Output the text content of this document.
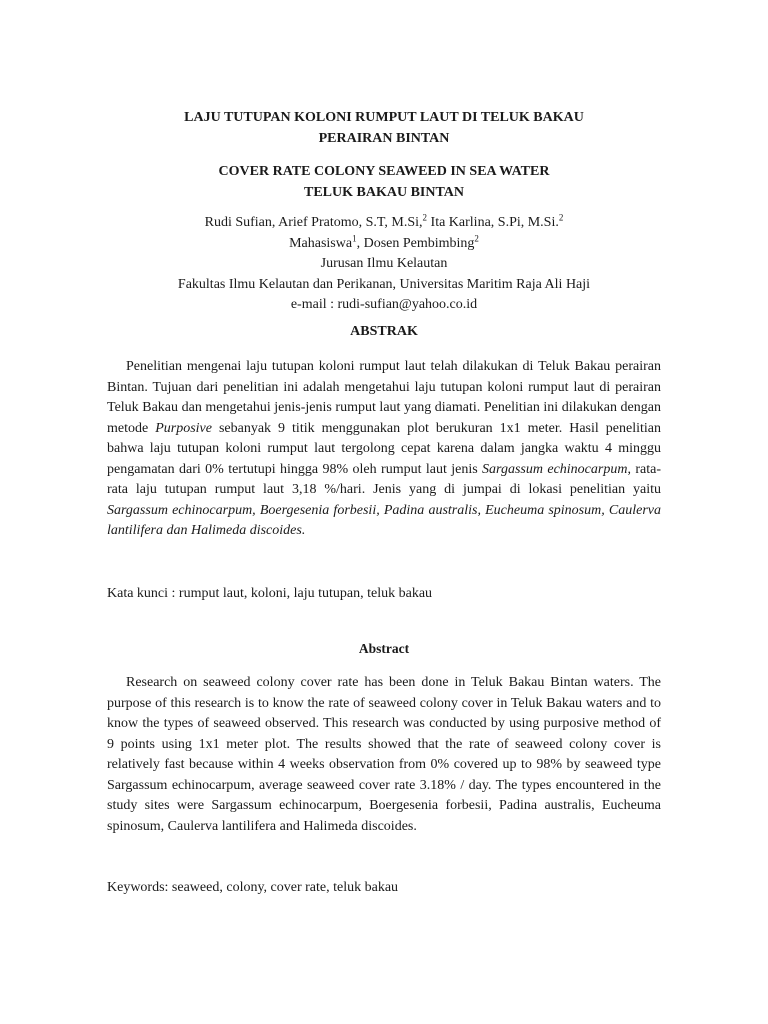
LAJU TUTUPAN KOLONI RUMPUT LAUT DI TELUK BAKAU
PERAIRAN BINTAN
COVER RATE COLONY SEAWEED IN SEA WATER
TELUK BAKAU BINTAN
Rudi Sufian, Arief Pratomo, S.T, M.Si,$^2$ Ita Karlina, S.Pi, M.Si.$^2$
Mahasiswa$^1$, Dosen Pembimbing$^2$
Jurusan Ilmu Kelautan
Fakultas Ilmu Kelautan dan Perikanan, Universitas Maritim Raja Ali Haji
e-mail : rudi-sufian@yahoo.co.id
ABSTRAK
Penelitian mengenai laju tutupan koloni rumput laut telah dilakukan di Teluk Bakau perairan Bintan. Tujuan dari penelitian ini adalah mengetahui laju tutupan koloni rumput laut di perairan Teluk Bakau dan mengetahui jenis-jenis rumput laut yang diamati. Penelitian ini dilakukan dengan metode Purposive sebanyak 9 titik menggunakan plot berukuran 1x1 meter. Hasil penelitian bahwa laju tutupan koloni rumput laut tergolong cepat karena dalam jangka waktu 4 minggu pengamatan dari 0% tertutupi hingga 98% oleh rumput laut jenis Sargassum echinocarpum, rata-rata laju tutupan rumput laut 3,18 %/hari. Jenis yang di jumpai di lokasi penelitian yaitu Sargassum echinocarpum, Boergesenia forbesii, Padina australis, Eucheuma spinosum, Caulerva lantilifera dan Halimeda discoides.
Kata kunci : rumput laut, koloni, laju tutupan, teluk bakau
Abstract
Research on seaweed colony cover rate has been done in Teluk Bakau Bintan waters. The purpose of this research is to know the rate of seaweed colony cover in Teluk Bakau waters and to know the types of seaweed observed. This research was conducted by using purposive method of 9 points using 1x1 meter plot. The results showed that the rate of seaweed colony cover is relatively fast because within 4 weeks observation from 0% covered up to 98% by seaweed type Sargassum echinocarpum, average seaweed cover rate 3.18% / day. The types encountered in the study sites were Sargassum echinocarpum, Boergesenia forbesii, Padina australis, Eucheuma spinosum, Caulerva lantilifera and Halimeda discoides.
Keywords: seaweed, colony, cover rate, teluk bakau
